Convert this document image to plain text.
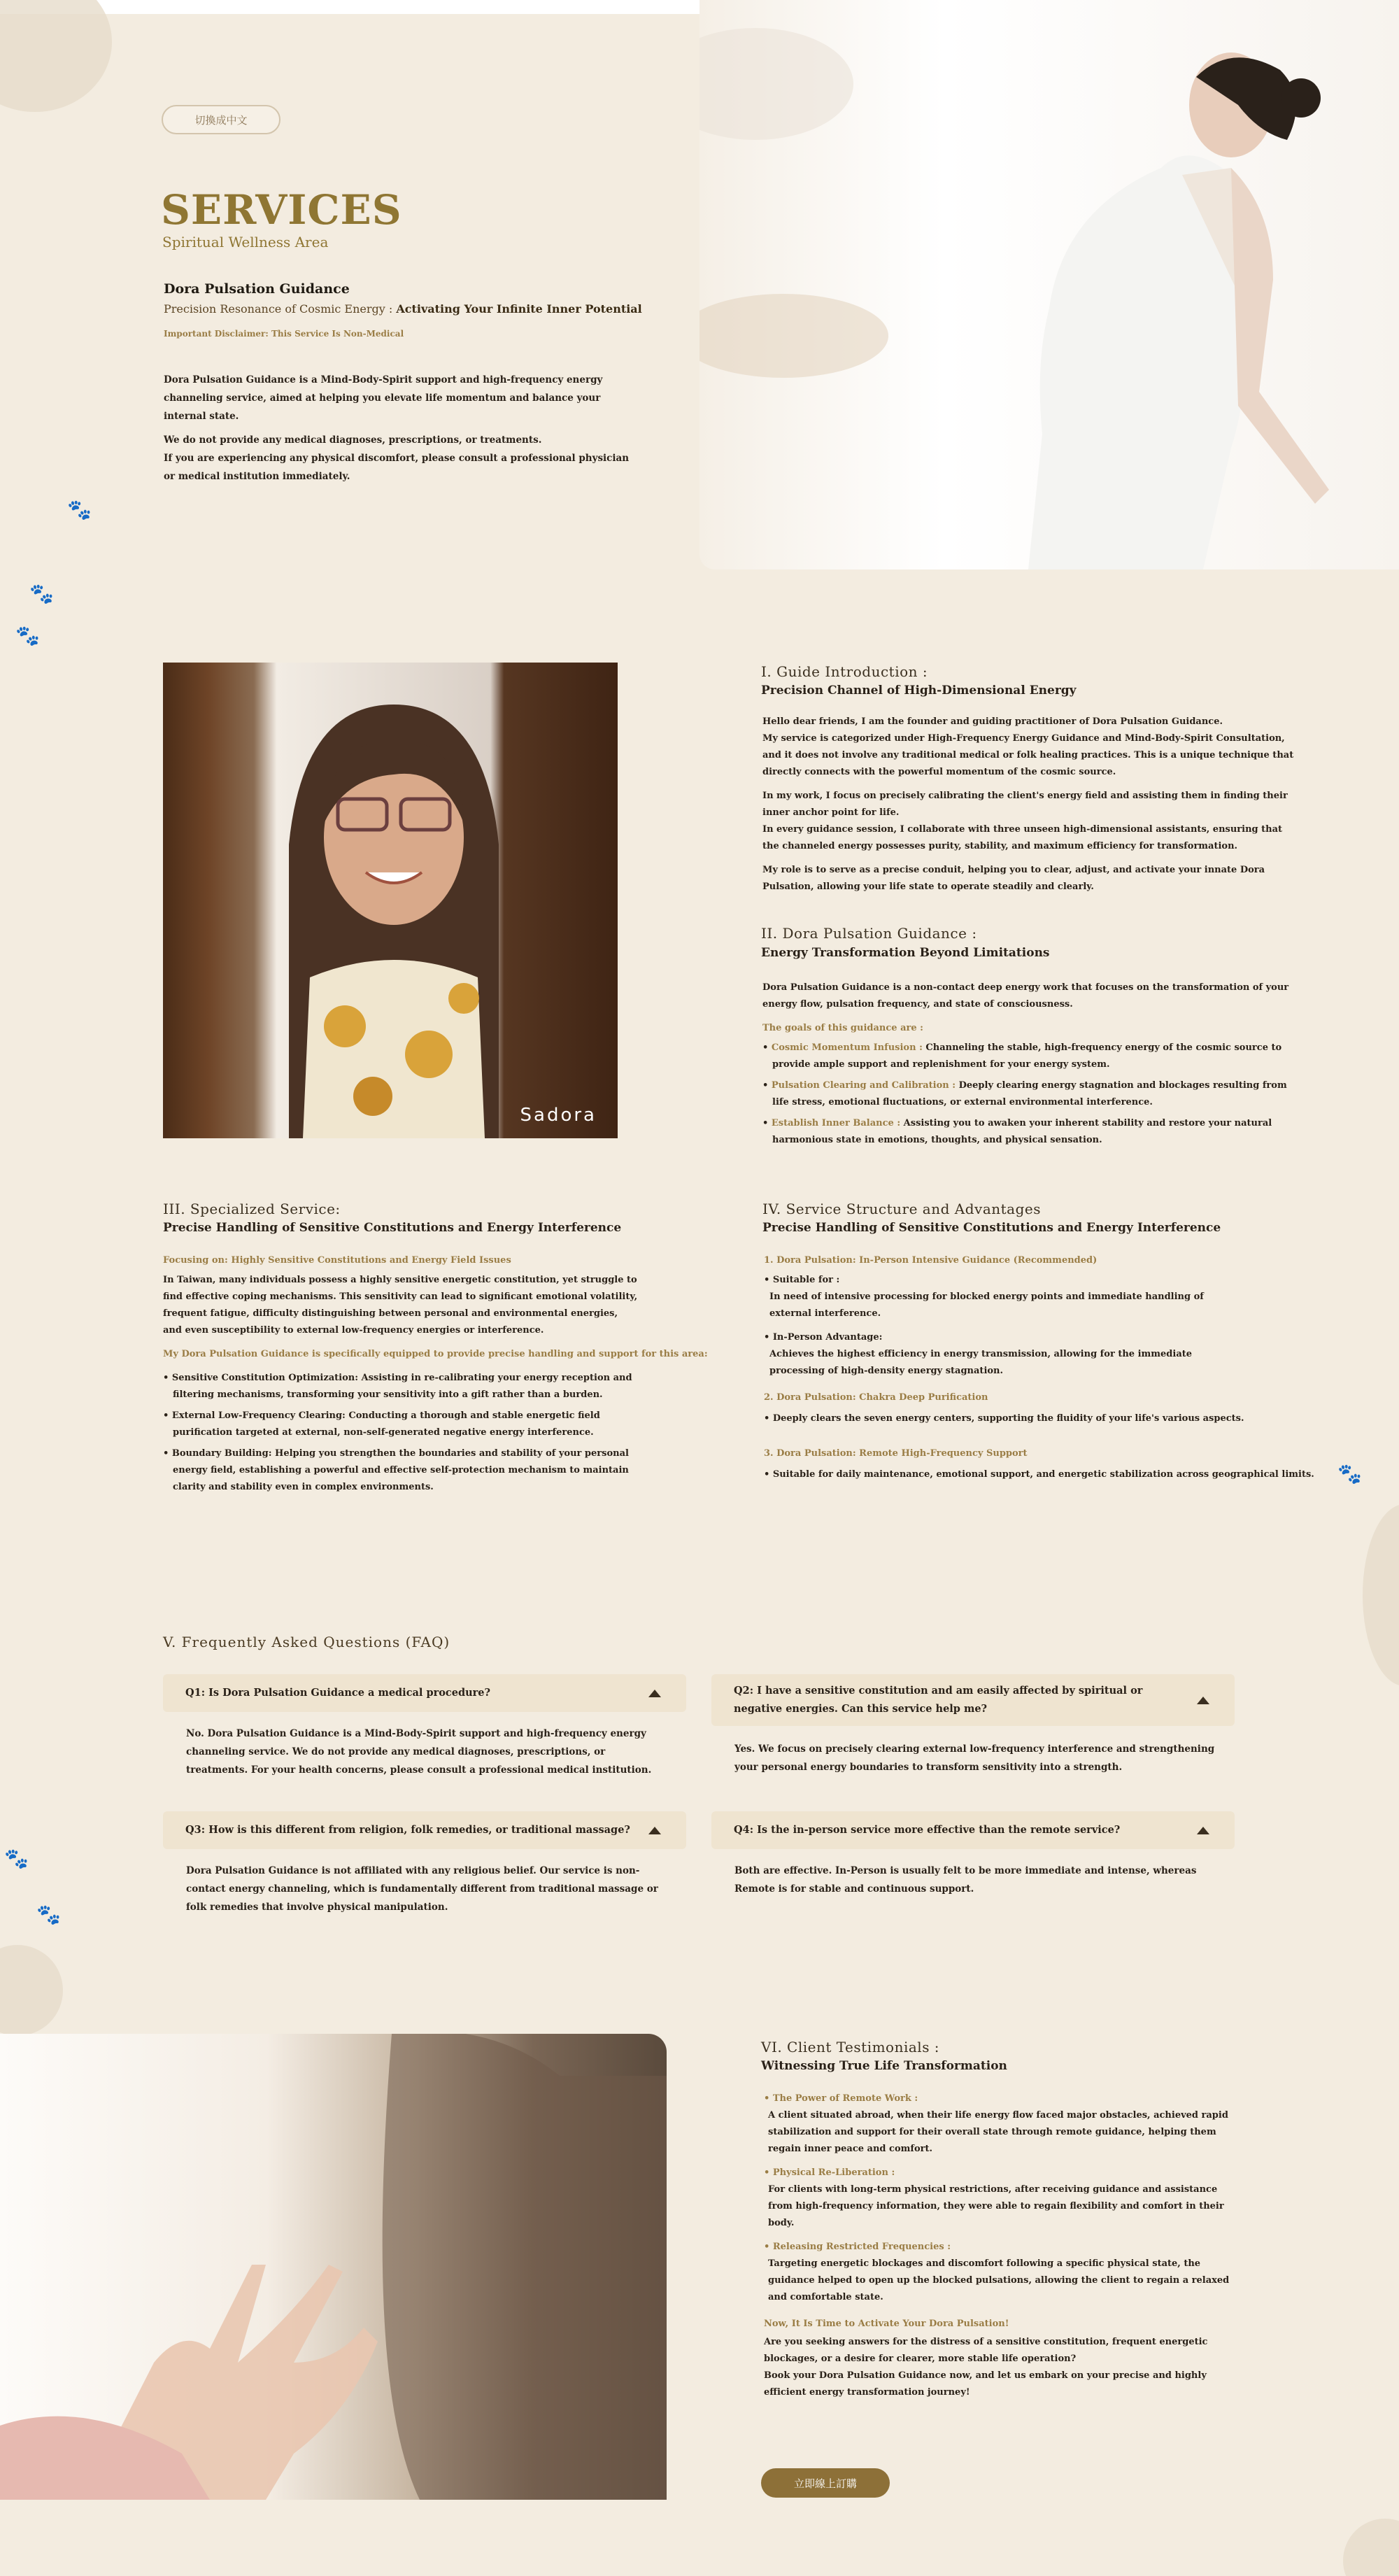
🐾
🐾
🐾
🐾
🐾
🐾
切換成中文
SERVICES
Spiritual Wellness Area
Dora Pulsation Guidance
Precision Resonance of Cosmic Energy : Activating Your Infinite Inner Potential
Important Disclaimer: This Service Is Non-Medical

Dora Pulsation Guidance is a Mind-Body-Spirit support and high-frequency energy channeling service, aimed at helping you elevate life momentum and balance your internal state.

We do not provide any medical diagnoses, prescriptions, or treatments.

If you are experiencing any physical discomfort, please consult a professional physician or medical institution immediately.

Sadora
I. Guide Introduction :
Precision Channel of High-Dimensional Energy

Hello dear friends, I am the founder and guiding practitioner of Dora Pulsation Guidance.

My service is categorized under High-Frequency Energy Guidance and Mind-Body-Spirit Consultation, and it does not involve any traditional medical or folk healing practices. This is a unique technique that directly connects with the powerful momentum of the cosmic source.

In my work, I focus on precisely calibrating the client's energy field and assisting them in finding their inner anchor point for life.

In every guidance session, I collaborate with three unseen high-dimensional assistants, ensuring that the channeled energy possesses purity, stability, and maximum efficiency for transformation.

My role is to serve as a precise conduit, helping you to clear, adjust, and activate your innate Dora Pulsation, allowing your life state to operate steadily and clearly.

II. Dora Pulsation Guidance :
Energy Transformation Beyond Limitations

Dora Pulsation Guidance is a non-contact deep energy work that focuses on the transformation of your energy flow, pulsation frequency, and state of consciousness.

The goals of this guidance are :

• Cosmic Momentum Infusion : Channeling the stable, high-frequency energy of the cosmic source to provide ample support and replenishment for your energy system.
• Pulsation Clearing and Calibration : Deeply clearing energy stagnation and blockages resulting from life stress, emotional fluctuations, or external environmental interference.
• Establish Inner Balance : Assisting you to awaken your inherent stability and restore your natural harmonious state in emotions, thoughts, and physical sensation.
III. Specialized Service:
Precise Handling of Sensitive Constitutions and Energy Interference

Focusing on: Highly Sensitive Constitutions and Energy Field Issues

In Taiwan, many individuals possess a highly sensitive energetic constitution, yet struggle to find effective coping mechanisms. This sensitivity can lead to significant emotional volatility, frequent fatigue, difficulty distinguishing between personal and environmental energies, and even susceptibility to external low-frequency energies or interference.

My Dora Pulsation Guidance is specifically equipped to provide precise handling and support for this area:

• Sensitive Constitution Optimization: Assisting in re-calibrating your energy reception and filtering mechanisms, transforming your sensitivity into a gift rather than a burden.
• External Low-Frequency Clearing: Conducting a thorough and stable energetic field purification targeted at external, non-self-generated negative energy interference.
• Boundary Building: Helping you strengthen the boundaries and stability of your personal energy field, establishing a powerful and effective self-protection mechanism to maintain clarity and stability even in complex environments.
IV. Service Structure and Advantages
Precise Handling of Sensitive Constitutions and Energy Interference

1. Dora Pulsation: In-Person Intensive Guidance (Recommended)

• Suitable for :

In need of intensive processing for blocked energy points and immediate handling of external interference.

• In-Person Advantage:

Achieves the highest efficiency in energy transmission, allowing for the immediate processing of high-density energy stagnation.

2. Dora Pulsation: Chakra Deep Purification

• Deeply clears the seven energy centers, supporting the fluidity of your life's various aspects.

3. Dora Pulsation: Remote High-Frequency Support

• Suitable for daily maintenance, emotional support, and energetic stabilization across geographical limits.

V. Frequently Asked Questions (FAQ)
Q1: Is Dora Pulsation Guidance a medical procedure?
No. Dora Pulsation Guidance is a Mind-Body-Spirit support and high-frequency energy channeling service. We do not provide any medical diagnoses, prescriptions, or treatments. For your health concerns, please consult a professional medical institution.
Q2: I have a sensitive constitution and am easily affected by spiritual or negative energies. Can this service help me?
Yes. We focus on precisely clearing external low-frequency interference and strengthening your personal energy boundaries to transform sensitivity into a strength.
Q3: How is this different from religion, folk remedies, or traditional massage?
Dora Pulsation Guidance is not affiliated with any religious belief. Our service is non-contact energy channeling, which is fundamentally different from traditional massage or folk remedies that involve physical manipulation.
Q4: Is the in-person service more effective than the remote service?
Both are effective. In-Person is usually felt to be more immediate and intense, whereas Remote is for stable and continuous support.
VI. Client Testimonials :
Witnessing True Life Transformation

• The Power of Remote Work :

A client situated abroad, when their life energy flow faced major obstacles, achieved rapid stabilization and support for their overall state through remote guidance, helping them regain inner peace and comfort.

• Physical Re-Liberation :

For clients with long-term physical restrictions, after receiving guidance and assistance from high-frequency information, they were able to regain flexibility and comfort in their body.

• Releasing Restricted Frequencies :

Targeting energetic blockages and discomfort following a specific physical state, the guidance helped to open up the blocked pulsations, allowing the client to regain a relaxed and comfortable state.

Now, It Is Time to Activate Your Dora Pulsation!

Are you seeking answers for the distress of a sensitive constitution, frequent energetic blockages, or a desire for clearer, more stable life operation?

Book your Dora Pulsation Guidance now, and let us embark on your precise and highly efficient energy transformation journey!

立即線上訂購
